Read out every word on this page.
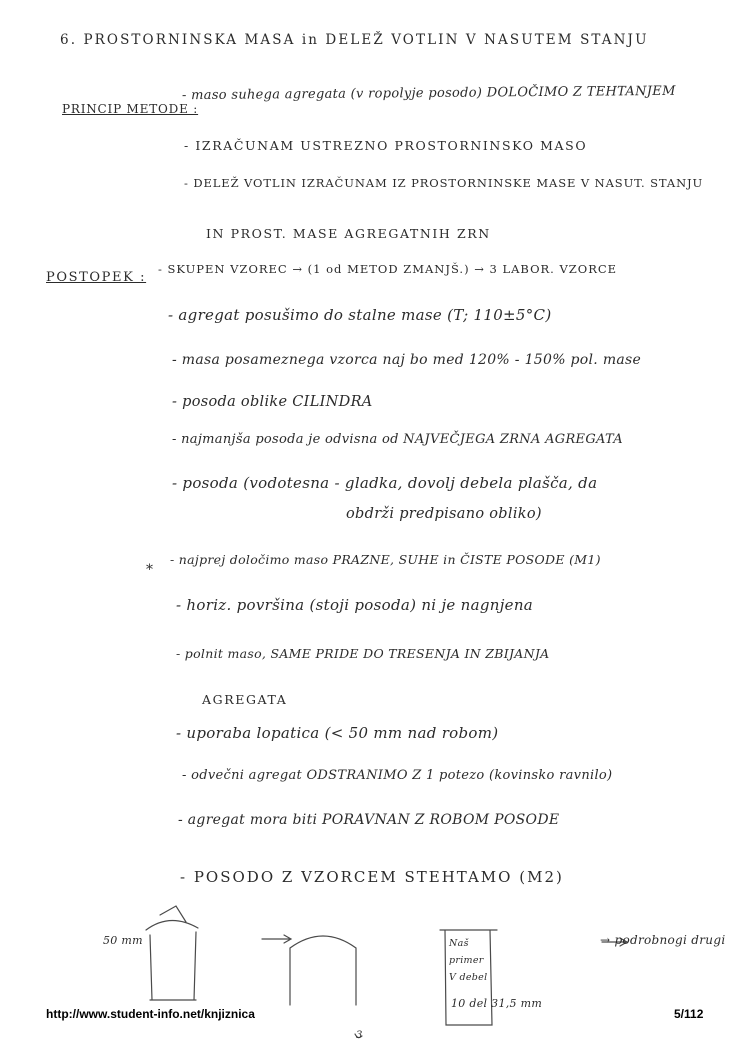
6. PROSTORNINSKA MASA in DELEŽ VOTLIN V NASUTEM STANJU
PRINCIP METODE :
- maso suhega agregata (v ropolyje posodo) DOLOČIMO Z TEHTANJEM
- IZRAČUNAM USTREZNO PROSTORNINSKO MASO
- DELEŽ VOTLIN IZRAČUNAM IZ PROSTORNINSKE MASE V NASUT. STANJU
IN PROST. MASE AGREGATNIH ZRN
POSTOPEK :
- SKUPEN VZOREC → (1 od METOD ZMANJŠ.) → 3 LABOR. VZORCE
- agregat posušimo do stalne mase (T; 110±5°C)
- masa posameznega vzorca naj bo med 120% - 150% pol. mase
- posoda oblike CILINDRA
- najmanjša posoda je odvisna od NAJVEČJEGA ZRNA AGREGATA
- posoda (vodotesna - gladka, dovolj debela plašča, da
obdrži predpisano obliko)
*
- najprej določimo maso PRAZNE, SUHE in ČISTE POSODE (M1)
- horiz. površina (stoji posoda) ni je nagnjena
- polnit maso, SAME PRIDE DO TRESENJA IN ZBIJANJA
AGREGATA
- uporaba lopatica (< 50 mm nad robom)
- odvečni agregat ODSTRANIMO Z 1 potezo (kovinsko ravnilo)
- agregat mora biti PORAVNAN Z ROBOM POSODE
- POSODO Z VZORCEM STEHTAMO (M2)
50 mm	Naš
primer
V debel
10 del 31,5 mm
→ podrobnogi drugi
http://www.student-info.net/knjiznica	5/112
3
